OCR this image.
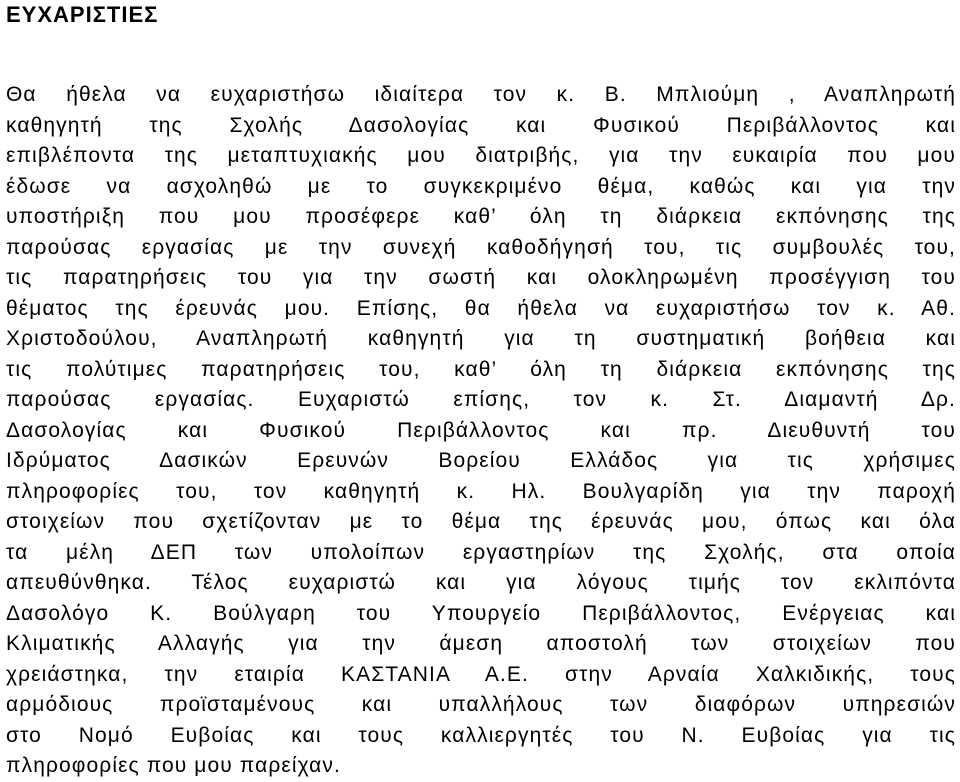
ΕΥΧΑΡΙΣΤΙΕΣ
Θα ήθελα να ευχαριστήσω ιδιαίτερα τον κ. Β. Μπλιούμη , Αναπληρωτή
καθηγητή της Σχολής Δασολογίας και Φυσικού Περιβάλλοντος και
επιβλέποντα της μεταπτυχιακής μου διατριβής, για την ευκαιρία που μου
έδωσε να ασχοληθώ με το συγκεκριμένο θέμα, καθώς και για την
υποστήριξη που μου προσέφερε καθ’ όλη τη διάρκεια εκπόνησης της
παρούσας εργασίας με την συνεχή καθοδήγησή του, τις συμβουλές του,
τις παρατηρήσεις του για την σωστή και ολοκληρωμένη προσέγγιση του
θέματος της έρευνάς μου. Επίσης, θα ήθελα να ευχαριστήσω τον κ. Αθ.
Χριστοδούλου, Αναπληρωτή καθηγητή για τη συστηματική βοήθεια και
τις πολύτιμες παρατηρήσεις του, καθ’ όλη τη διάρκεια εκπόνησης της
παρούσας εργασίας. Ευχαριστώ επίσης, τον κ. Στ. Διαμαντή Δρ.
Δασολογίας και Φυσικού Περιβάλλοντος και πρ. Διευθυντή του
Ιδρύματος Δασικών Ερευνών Βορείου Ελλάδος για τις χρήσιμες
πληροφορίες του, τον καθηγητή κ. Ηλ. Βουλγαρίδη για την παροχή
στοιχείων που σχετίζονταν με το θέμα της έρευνάς μου, όπως και όλα
τα μέλη ΔΕΠ των υπολοίπων εργαστηρίων της Σχολής, στα οποία
απευθύνθηκα. Τέλος ευχαριστώ και για λόγους τιμής τον εκλιπόντα
Δασολόγο Κ. Βούλγαρη του Υπουργείο Περιβάλλοντος, Ενέργειας και
Κλιματικής Αλλαγής για την άμεση αποστολή των στοιχείων που
χρειάστηκα, την εταιρία ΚΑΣΤΑΝΙΑ Α.Ε. στην Αρναία Χαλκιδικής, τους
αρμόδιους προϊσταμένους και υπαλλήλους των διαφόρων υπηρεσιών
στο Νομό Ευβοίας και τους καλλιεργητές του Ν. Ευβοίας για τις
πληροφορίες που μου παρείχαν.
